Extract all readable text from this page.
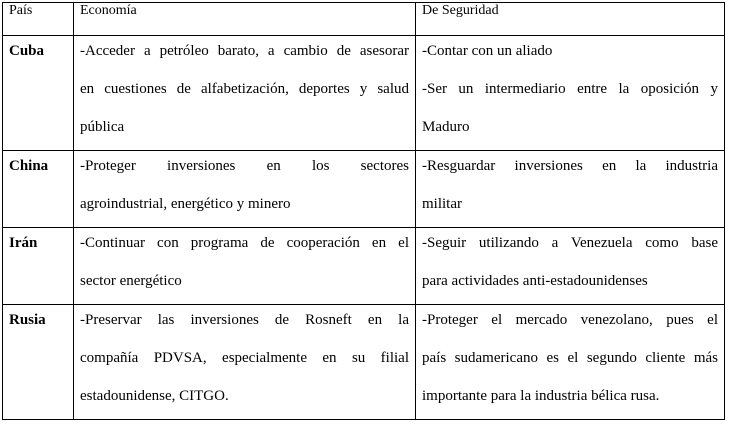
País	Economía	De Seguridad

Cuba	-Acceder a petróleo barato, a cambio de asesorar
en cuestiones de alfabetización, deportes y salud
pública	-Contar con un aliado
-Ser un intermediario entre la oposición y
Maduro

China	-Proteger inversiones en los sectores
agroindustrial, energético y minero	-Resguardar inversiones en la industria
militar

Irán	-Continuar con programa de cooperación en el
sector energético	-Seguir utilizando a Venezuela como base
para actividades anti-estadounidenses

Rusia	-Preservar las inversiones de Rosneft en la
compañía PDVSA, especialmente en su filial
estadounidense, CITGO.	-Proteger el mercado venezolano, pues el
país sudamericano es el segundo cliente más
importante para la industria bélica rusa.
